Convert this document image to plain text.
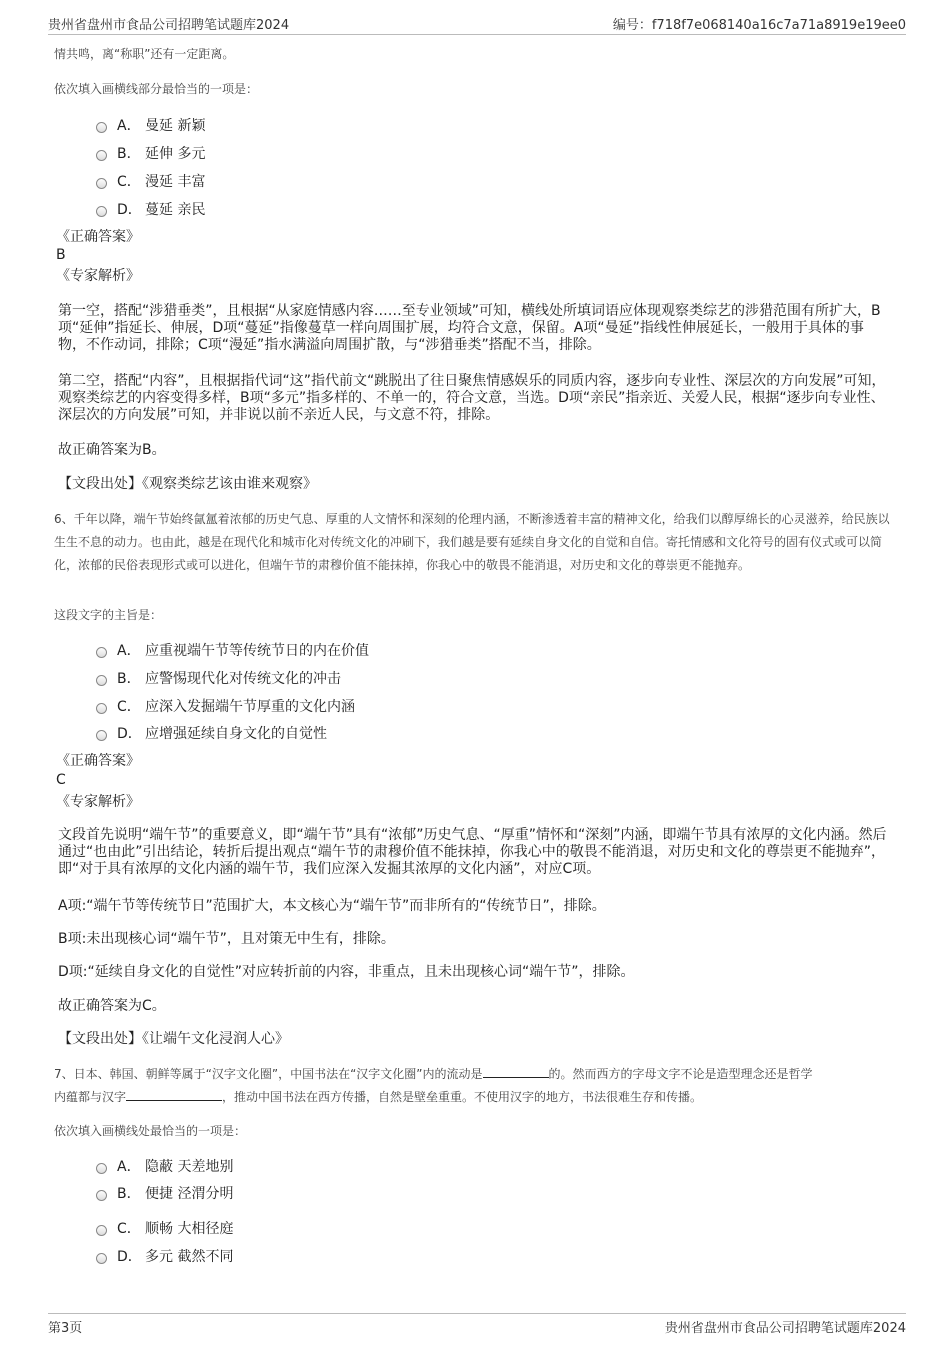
贵州省盘州市食品公司招聘笔试题库2024	编号：f718f7e068140a16c7a71a8919e19ee0
情共鸣，离“称职”还有一定距离。
依次填入画横线部分最恰当的一项是：
A． 曼延 新颖
B． 延伸 多元
C． 漫延 丰富
D． 蔓延 亲民
《正确答案》
B
《专家解析》
第一空，搭配“涉猎垂类”，且根据“从家庭情感内容……至专业领域”可知，横线处所填词语应体现观察类综艺的涉猎范围有所扩大，B项“延伸”指延长、伸展，D项“蔓延”指像蔓草一样向周围扩展，均符合文意，保留。A项“曼延”指线性伸展延长，一般用于具体的事物，不作动词，排除；C项“漫延”指水满溢向周围扩散，与“涉猎垂类”搭配不当，排除。
第二空，搭配“内容”，且根据指代词“这”指代前文“跳脱出了往日聚焦情感娱乐的同质内容，逐步向专业性、深层次的方向发展”可知，观察类综艺的内容变得多样，B项“多元”指多样的、不单一的，符合文意，当选。D项“亲民”指亲近、关爱人民，根据“逐步向专业性、深层次的方向发展”可知，并非说以前不亲近人民，与文意不符，排除。
故正确答案为B。
【文段出处】《观察类综艺该由谁来观察》
6、千年以降，端午节始终氤氲着浓郁的历史气息、厚重的人文情怀和深刻的伦理内涵，不断渗透着丰富的精神文化，给我们以醇厚绵长的心灵滋养，给民族以生生不息的动力。也由此，越是在现代化和城市化对传统文化的冲刷下，我们越是要有延续自身文化的自觉和自信。寄托情感和文化符号的固有仪式或可以简化，浓郁的民俗表现形式或可以进化，但端午节的肃穆价值不能抹掉，你我心中的敬畏不能消退，对历史和文化的尊崇更不能抛弃。
这段文字的主旨是：
A． 应重视端午节等传统节日的内在价值
B． 应警惕现代化对传统文化的冲击
C． 应深入发掘端午节厚重的文化内涵
D． 应增强延续自身文化的自觉性
《正确答案》
C
《专家解析》
文段首先说明“端午节”的重要意义，即“端午节”具有“浓郁”历史气息、“厚重”情怀和“深刻”内涵，即端午节具有浓厚的文化内涵。然后通过“也由此”引出结论，转折后提出观点“端午节的肃穆价值不能抹掉，你我心中的敬畏不能消退，对历史和文化的尊崇更不能抛弃”，即“对于具有浓厚的文化内涵的端午节，我们应深入发掘其浓厚的文化内涵”，对应C项。
A项:“端午节等传统节日”范围扩大，本文核心为“端午节”而非所有的“传统节日”，排除。
B项:未出现核心词“端午节”，且对策无中生有，排除。
D项:“延续自身文化的自觉性”对应转折前的内容，非重点，且未出现核心词“端午节”，排除。
故正确答案为C。
【文段出处】《让端午文化浸润人心》
7、日本、韩国、朝鲜等属于“汉字文化圈”，中国书法在“汉字文化圈”内的流动是	的。然而西方的字母文字不论是造型理念还是哲学
内蕴都与汉字	，推动中国书法在西方传播，自然是壁垒重重。不使用汉字的地方，书法很难生存和传播。
依次填入画横线处最恰当的一项是：
A． 隐蔽 天差地别
B． 便捷 泾渭分明
C． 顺畅 大相径庭
D． 多元 截然不同
第3页	贵州省盘州市食品公司招聘笔试题库2024
